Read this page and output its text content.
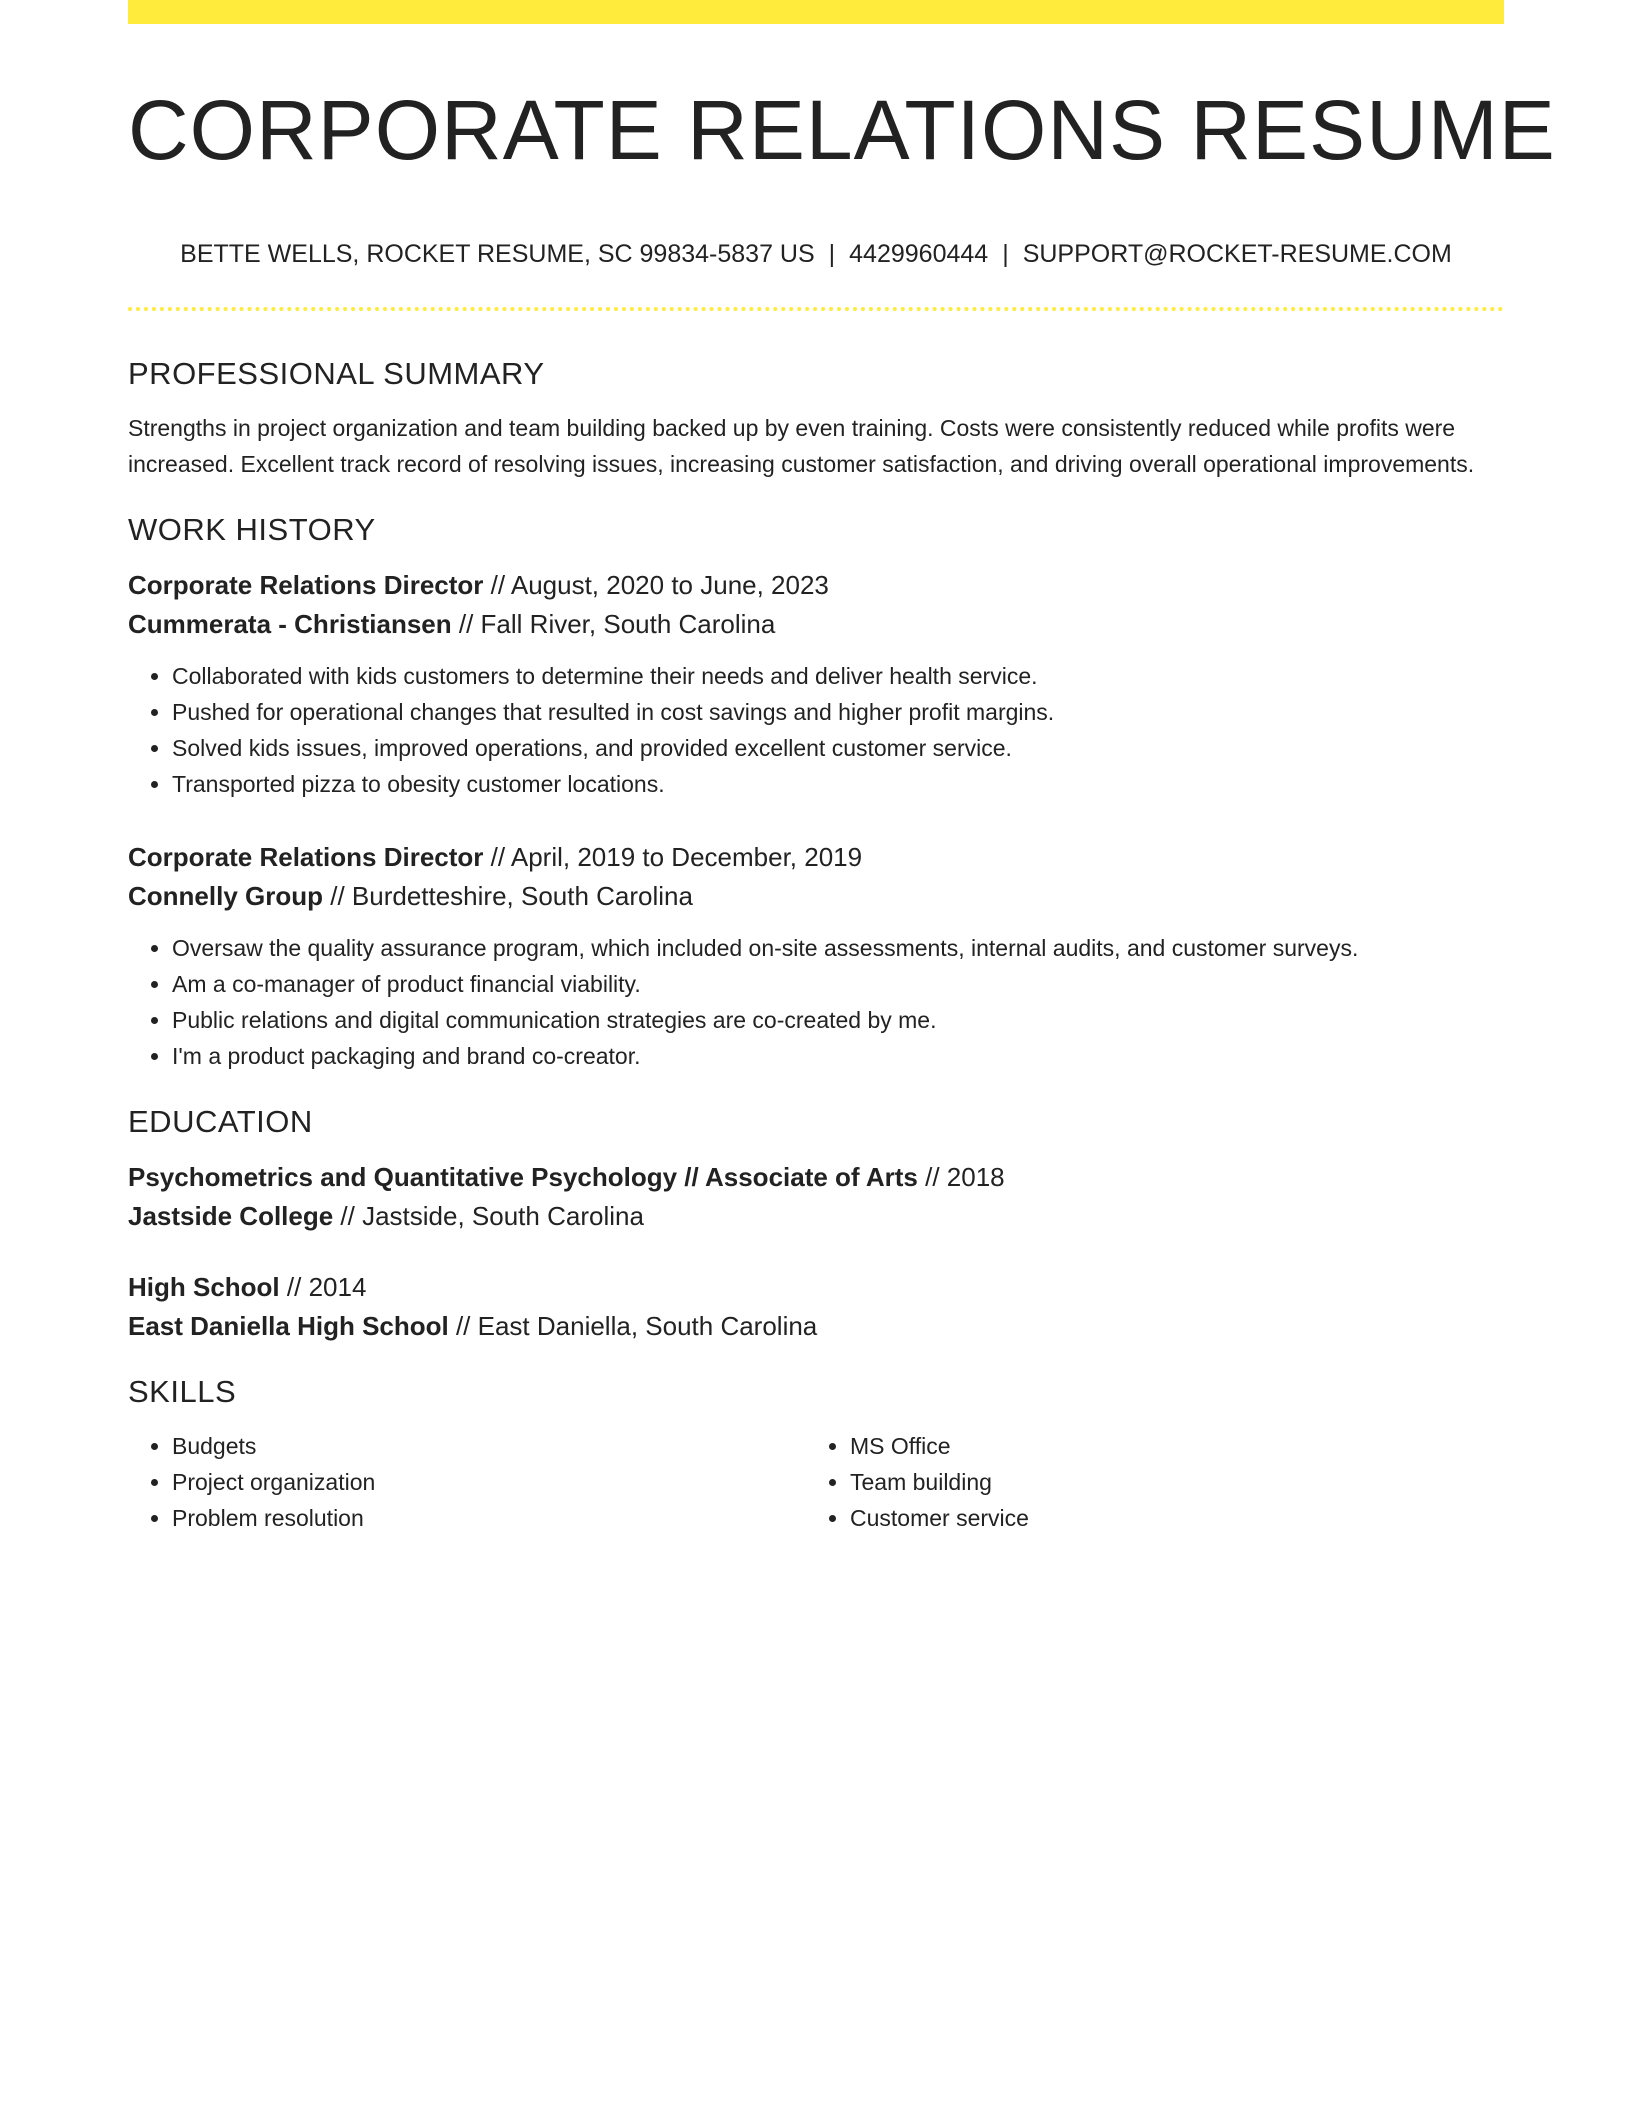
CORPORATE RELATIONS RESUME
BETTE WELLS, ROCKET RESUME, SC 99834-5837 US | 4429960444 | SUPPORT@ROCKET-RESUME.COM
PROFESSIONAL SUMMARY

Strengths in project organization and team building backed up by even training. Costs were consistently reduced while profits were increased. Excellent track record of resolving issues, increasing customer satisfaction, and driving overall operational improvements.

WORK HISTORY
Corporate Relations Director // August, 2020 to June, 2023
Cummerata - Christiansen // Fall River, South Carolina
• Collaborated with kids customers to determine their needs and deliver health service.
• Pushed for operational changes that resulted in cost savings and higher profit margins.
• Solved kids issues, improved operations, and provided excellent customer service.
• Transported pizza to obesity customer locations.
Corporate Relations Director // April, 2019 to December, 2019
Connelly Group // Burdetteshire, South Carolina
• Oversaw the quality assurance program, which included on-site assessments, internal audits, and customer surveys.
• Am a co-manager of product financial viability.
• Public relations and digital communication strategies are co-created by me.
• I'm a product packaging and brand co-creator.
EDUCATION
Psychometrics and Quantitative Psychology // Associate of Arts // 2018
Jastside College // Jastside, South Carolina
High School // 2014
East Daniella High School // East Daniella, South Carolina
SKILLS
• Budgets
• Project organization
• Problem resolution
• MS Office
• Team building
• Customer service
